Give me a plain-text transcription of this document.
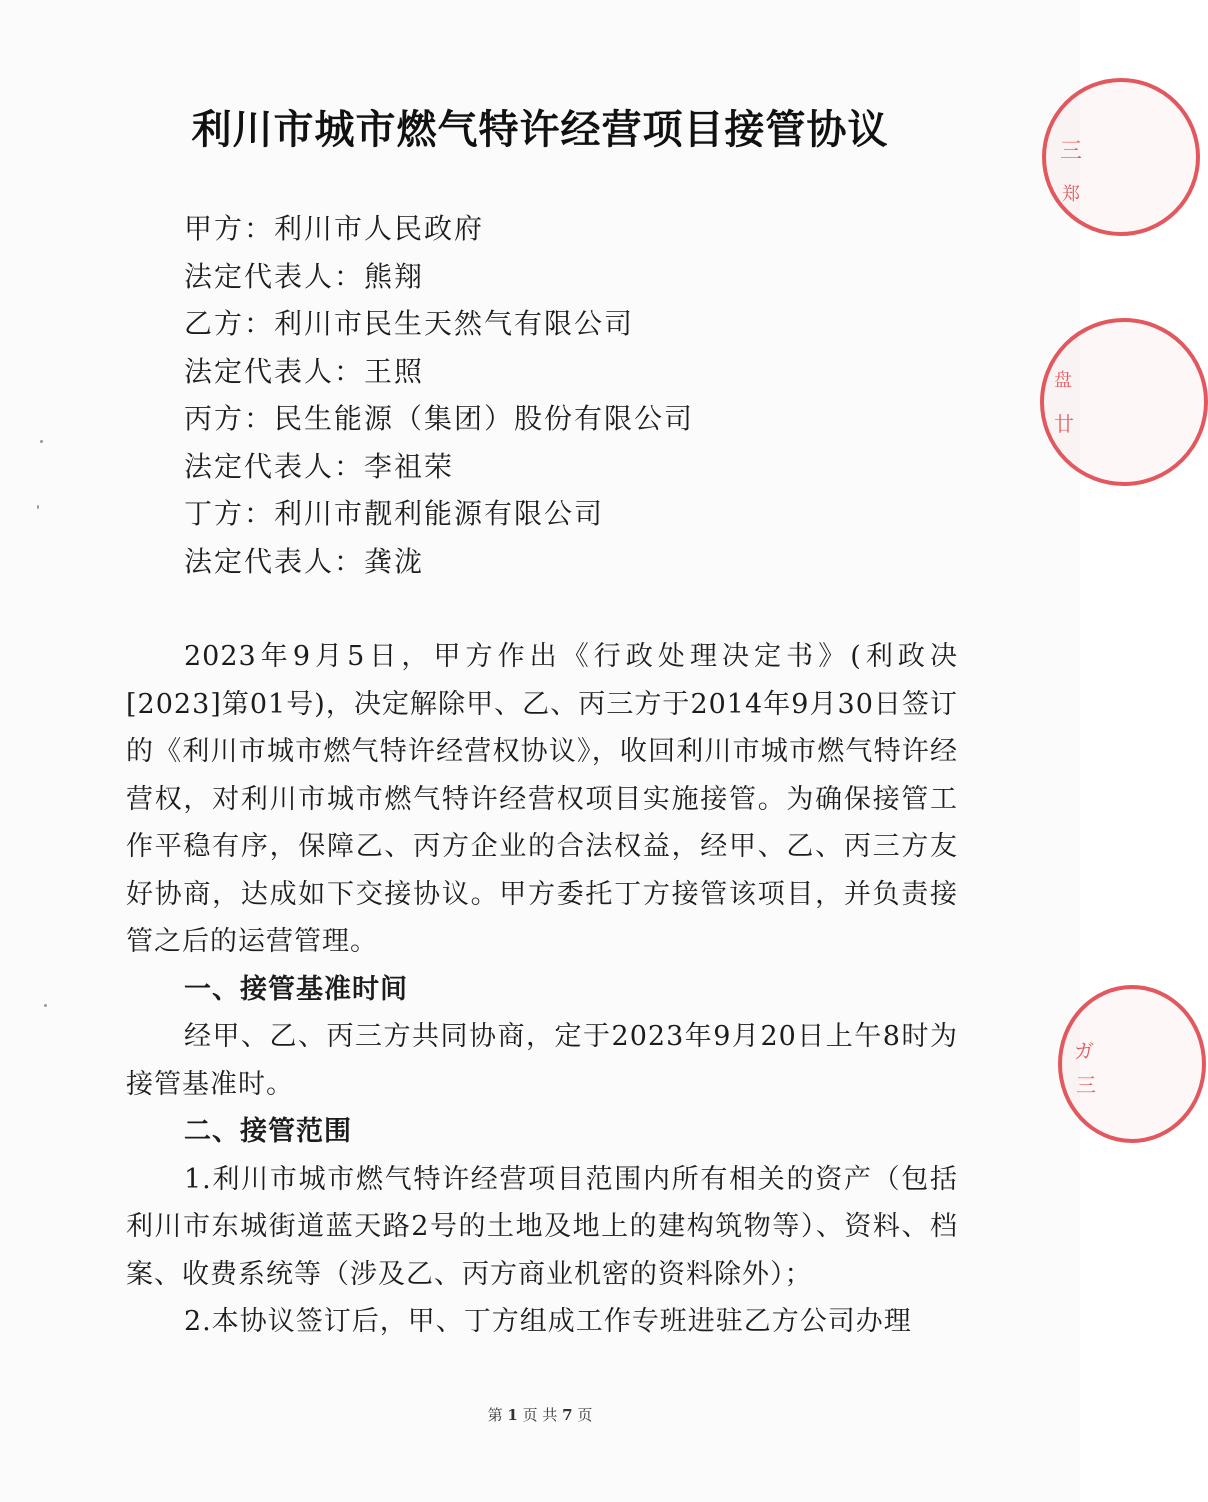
利川市城市燃气特许经营项目接管协议
甲方：利川市人民政府
法定代表人：熊翔
乙方：利川市民生天然气有限公司
法定代表人：王照
丙方：民生能源（集团）股份有限公司
法定代表人：李祖荣
丁方：利川市靓利能源有限公司
法定代表人：龚泷

2023年9月5日，甲方作出《行政处理决定书》(利政决[2023]第01号)，决定解除甲、乙、丙三方于2014年9月30日签订的《利川市城市燃气特许经营权协议》，收回利川市城市燃气特许经营权，对利川市城市燃气特许经营权项目实施接管。为确保接管工作平稳有序，保障乙、丙方企业的合法权益，经甲、乙、丙三方友好协商，达成如下交接协议。甲方委托丁方接管该项目，并负责接管之后的运营管理。

一、接管基准时间

经甲、乙、丙三方共同协商，定于2023年9月20日上午8时为接管基准时。

二、接管范围

1.利川市城市燃气特许经营项目范围内所有相关的资产（包括利川市东城街道蓝天路2号的土地及地上的建构筑物等）、资料、档案、收费系统等（涉及乙、丙方商业机密的资料除外）；

2.本协议签订后，甲、丁方组成工作专班进驻乙方公司办理

第 1 页 共 7 页
三
郑
盘
廿
ガ
三
